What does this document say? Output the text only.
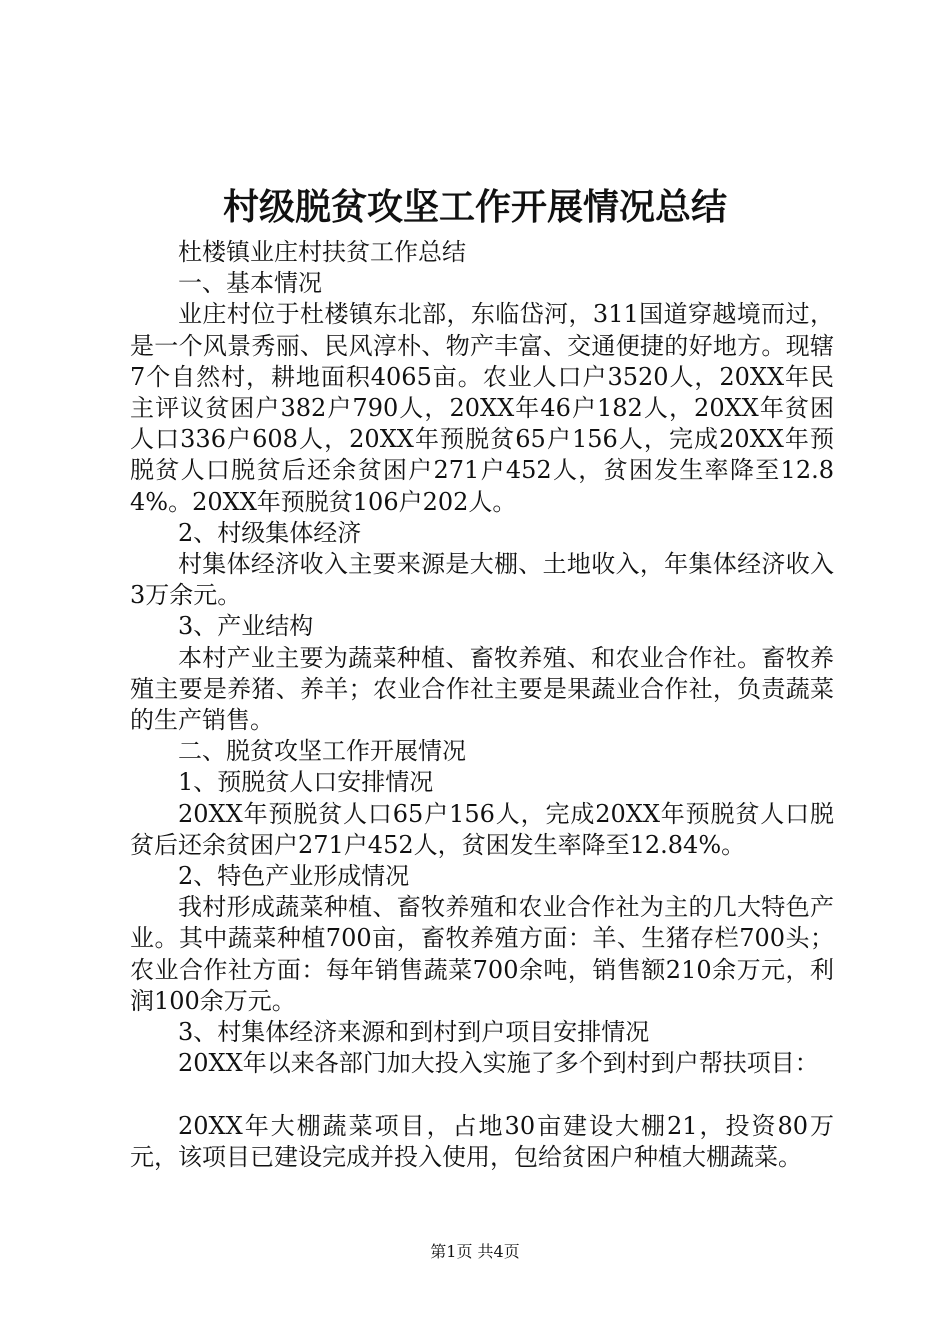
村级脱贫攻坚工作开展情况总结

杜楼镇业庄村扶贫工作总结

一、基本情况

业庄村位于杜楼镇东北部，东临岱河，311国道穿越境而过，是一个风景秀丽、民风淳朴、物产丰富、交通便捷的好地方。现辖7个自然村，耕地面积4065亩。农业人口户3520人，20XX年民主评议贫困户382户790人，20XX年46户182人，20XX年贫困人口336户608人，20XX年预脱贫65户156人，完成20XX年预脱贫人口脱贫后还余贫困户271户452人，贫困发生率降至12.84%。20XX年预脱贫106户202人。

2、村级集体经济

村集体经济收入主要来源是大棚、土地收入，年集体经济收入3万余元。

3、产业结构

本村产业主要为蔬菜种植、畜牧养殖、和农业合作社。畜牧养殖主要是养猪、养羊；农业合作社主要是果蔬业合作社，负责蔬菜的生产销售。

二、脱贫攻坚工作开展情况

1、预脱贫人口安排情况

20XX年预脱贫人口65户156人，完成20XX年预脱贫人口脱贫后还余贫困户271户452人，贫困发生率降至12.84%。

2、特色产业形成情况

我村形成蔬菜种植、畜牧养殖和农业合作社为主的几大特色产业。其中蔬菜种植700亩，畜牧养殖方面：羊、生猪存栏700头；农业合作社方面：每年销售蔬菜700余吨，销售额210余万元，利润100余万元。

3、村集体经济来源和到村到户项目安排情况

20XX年以来各部门加大投入实施了多个到村到户帮扶项目：

20XX年大棚蔬菜项目，占地30亩建设大棚21，投资80万元，该项目已建设完成并投入使用，包给贫困户种植大棚蔬菜。

第1页 共4页
